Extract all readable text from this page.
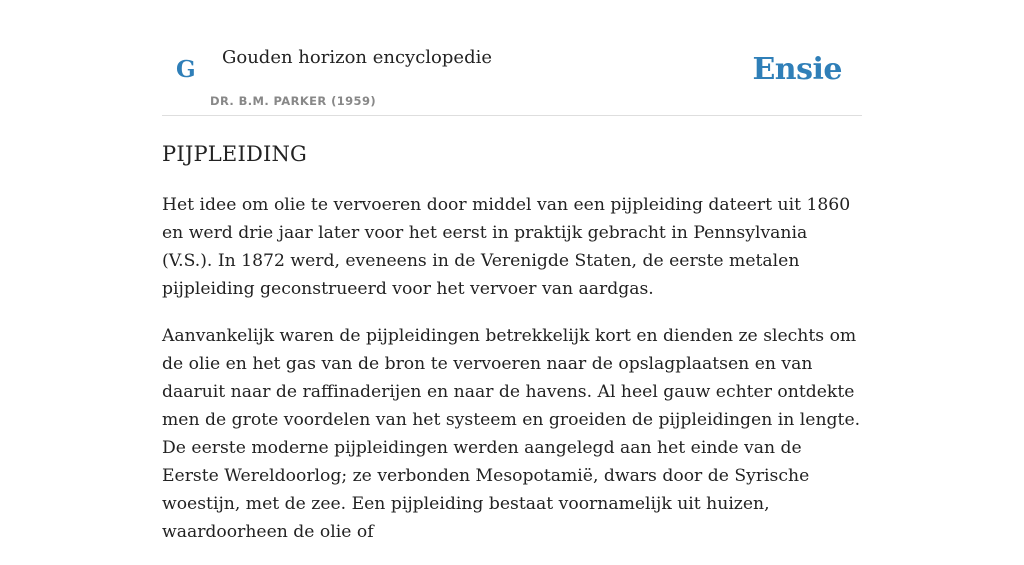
G Gouden horizon encyclopedie
DR. B.M. PARKER (1959)
Ensie
PIJPLEIDING

Het idee om olie te vervoeren door middel van een pijpleiding dateert uit 1860 en werd drie jaar later voor het eerst in praktijk gebracht in Pennsylvania (V.S.). In 1872 werd, eveneens in de Verenigde Staten, de eerste metalen pijpleiding geconstrueerd voor het vervoer van aardgas.

Aanvankelijk waren de pijpleidingen betrekkelijk kort en dienden ze slechts om de olie en het gas van de bron te vervoeren naar de opslagplaatsen en van daaruit naar de raffinaderijen en naar de havens. Al heel gauw echter ontdekte men de grote voordelen van het systeem en groeiden de pijpleidingen in lengte. De eerste moderne pijpleidingen werden aangelegd aan het einde van de Eerste Wereldoorlog; ze verbonden Mesopotamië, dwars door de Syrische woestijn, met de zee. Een pijpleiding bestaat voornamelijk uit huizen, waardoorheen de olie of
